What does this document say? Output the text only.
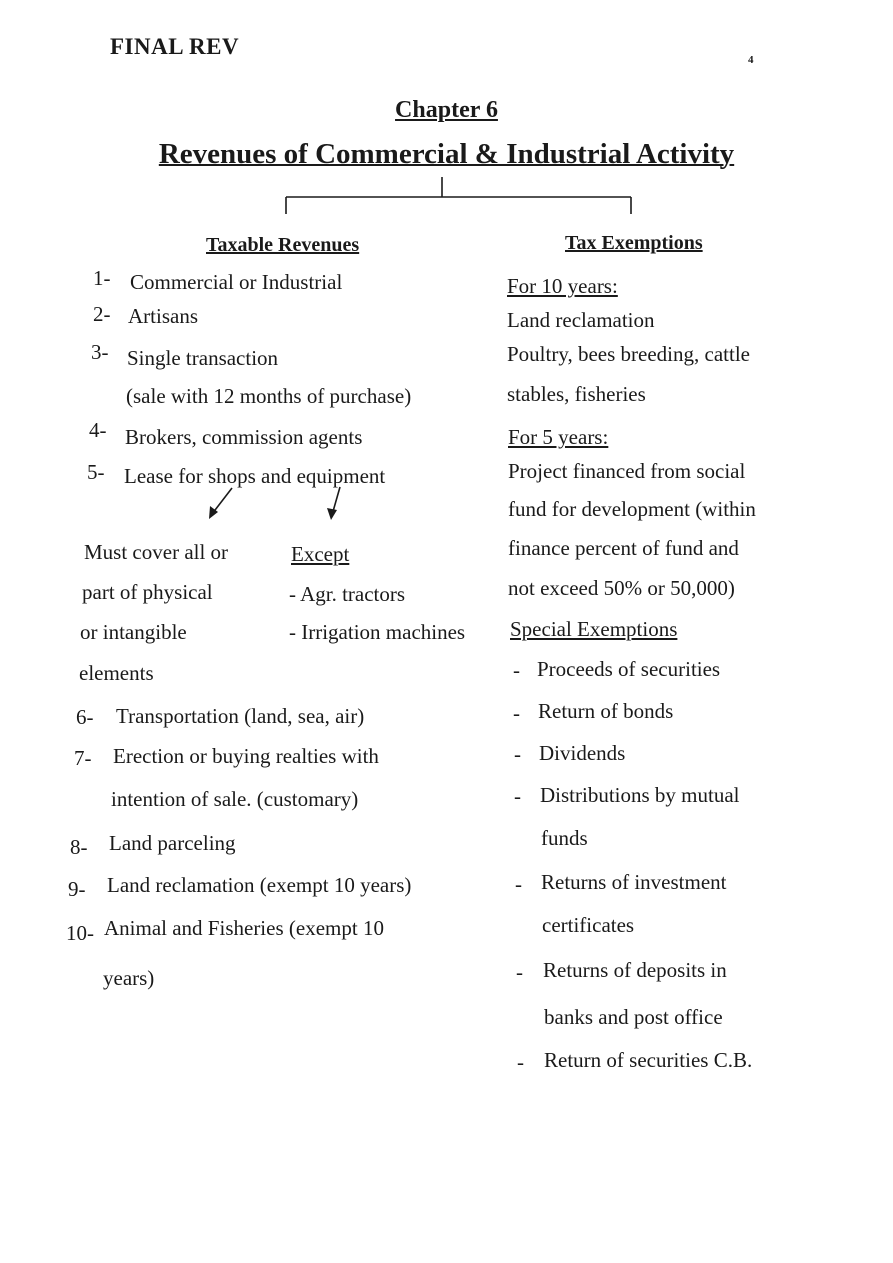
FINAL REV
4
Chapter 6
Revenues of Commercial & Industrial Activity
Taxable Revenues
1- Commercial or Industrial
2- Artisans
3- Single transaction
(sale with 12 months of purchase)
4- Brokers, commission agents
5- Lease for shops and equipment
Must cover all or
part of physical
or intangible
elements
Except
- Agr. tractors
- Irrigation machines
6- Transportation (land, sea, air)
7- Erection or buying realties with
intention of sale. (customary)
8- Land parceling
9- Land reclamation (exempt 10 years)
10- Animal and Fisheries (exempt 10
years)
Tax Exemptions
For 10 years:
Land reclamation
Poultry, bees breeding, cattle
stables, fisheries
For 5 years:
Project financed from social
fund for development (within
finance percent of fund and
not exceed 50% or 50,000)
Special Exemptions
- Proceeds of securities
- Return of bonds
- Dividends
- Distributions by mutual
funds
- Returns of investment
certificates
- Returns of deposits in
banks and post office
- Return of securities C.B.
